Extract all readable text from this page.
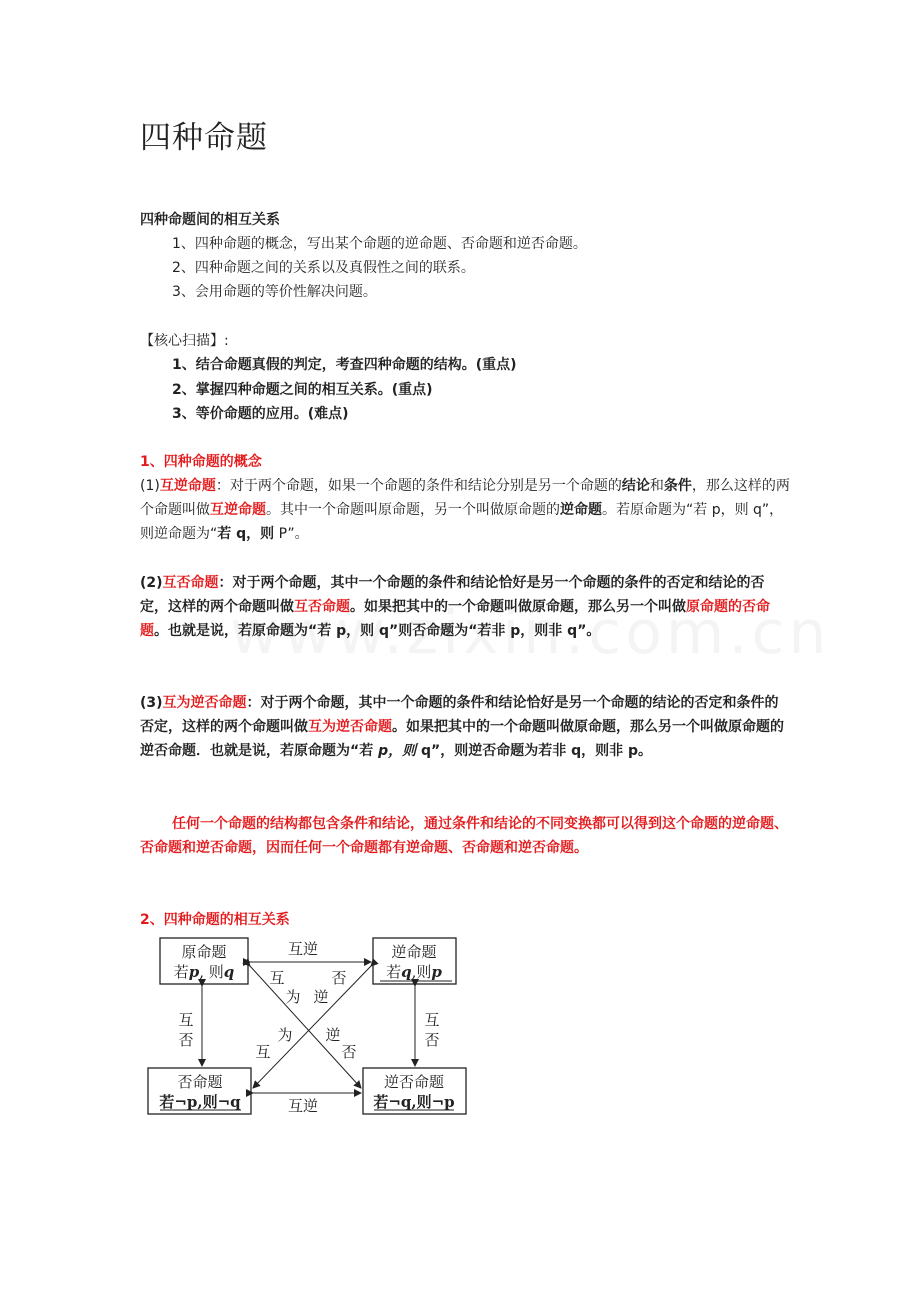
四种命题
四种命题间的相互关系
1、四种命题的概念，写出某个命题的逆命题、否命题和逆否命题。
2、四种命题之间的关系以及真假性之间的联系。
3、会用命题的等价性解决问题。
【核心扫描】:
1、结合命题真假的判定，考查四种命题的结构。(重点)
2、掌握四种命题之间的相互关系。(重点)
3、等价命题的应用。(难点)
1、四种命题的概念
(1)互逆命题：对于两个命题，如果一个命题的条件和结论分别是另一个命题的结论和条件，那么这样的两个命题叫做互逆命题。其中一个命题叫原命题，另一个叫做原命题的逆命题。若原命题为“若 p，则 q”，则逆命题为“若 q，则 P”。
(2)互否命题：对于两个命题，其中一个命题的条件和结论恰好是另一个命题的条件的否定和结论的否定，这样的两个命题叫做互否命题。如果把其中的一个命题叫做原命题，那么另一个叫做原命题的否命题。也就是说，若原命题为“若 p，则 q”则否命题为“若非 p，则非 q”。
(3)互为逆否命题：对于两个命题，其中一个命题的条件和结论恰好是另一个命题的结论的否定和条件的否定，这样的两个命题叫做互为逆否命题。如果把其中的一个命题叫做原命题，那么另一个叫做原命题的逆否命题．也就是说，若原命题为“若 p，则 q”，则逆否命题为若非 q，则非 p。
任何一个命题的结构都包含条件和结论，通过条件和结论的不同变换都可以得到这个命题的逆命题、否命题和逆否命题，因而任何一个命题都有逆命题、否命题和逆否命题。
2、四种命题的相互关系
原命题
若p, 则q
逆命题
若q,则p
否命题
若¬p,则¬q
逆否命题
若¬q,则¬p
互逆
互逆
互
否
互
否
互	否
为 逆
为 逆
互	否
